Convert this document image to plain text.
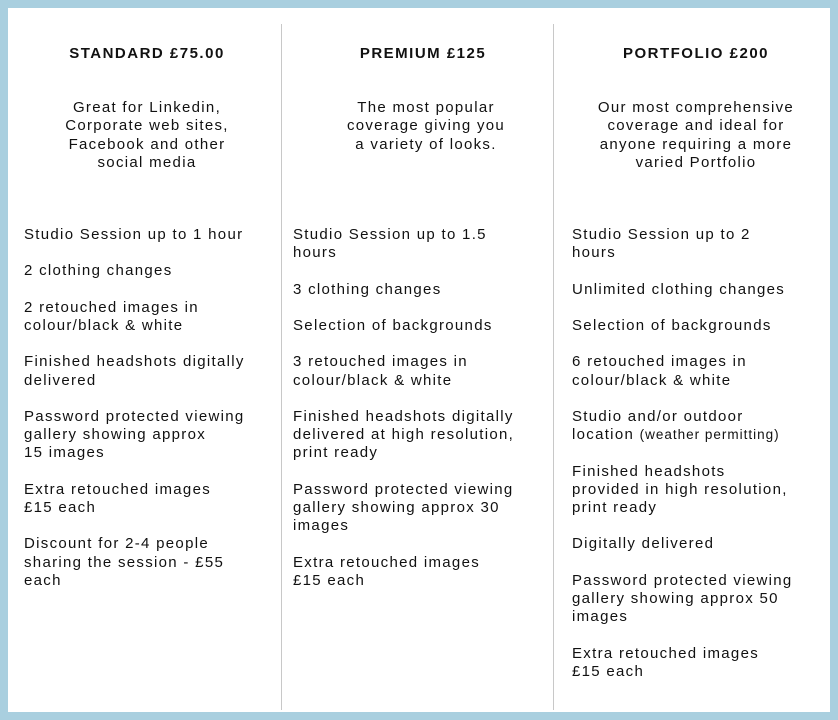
STANDARD £75.00

Great for Linkedin,
Corporate web sites,
Facebook and other
social media

Studio Session up to 1 hour
2 clothing changes
2 retouched images in
colour/black & white
Finished headshots digitally
delivered
Password protected viewing
gallery showing approx
15 images
Extra retouched images
£15 each
Discount for 2-4 people
sharing the session - £55
each
PREMIUM £125

The most popular
coverage giving you
a variety of looks.

Studio Session up to 1.5
hours
3 clothing changes
Selection of backgrounds
3 retouched images in
colour/black & white
Finished headshots digitally
delivered at high resolution,
print ready
Password protected viewing
gallery showing approx 30
images
Extra retouched images
£15 each
PORTFOLIO £200

Our most comprehensive
coverage and ideal for
anyone requiring a more
varied Portfolio

Studio Session up to 2
hours
Unlimited clothing changes
Selection of backgrounds
6 retouched images in
colour/black & white
Studio and/or outdoor
location (weather permitting)
Finished headshots
provided in high resolution,
print ready
Digitally delivered
Password protected viewing
gallery showing approx 50
images
Extra retouched images
£15 each
